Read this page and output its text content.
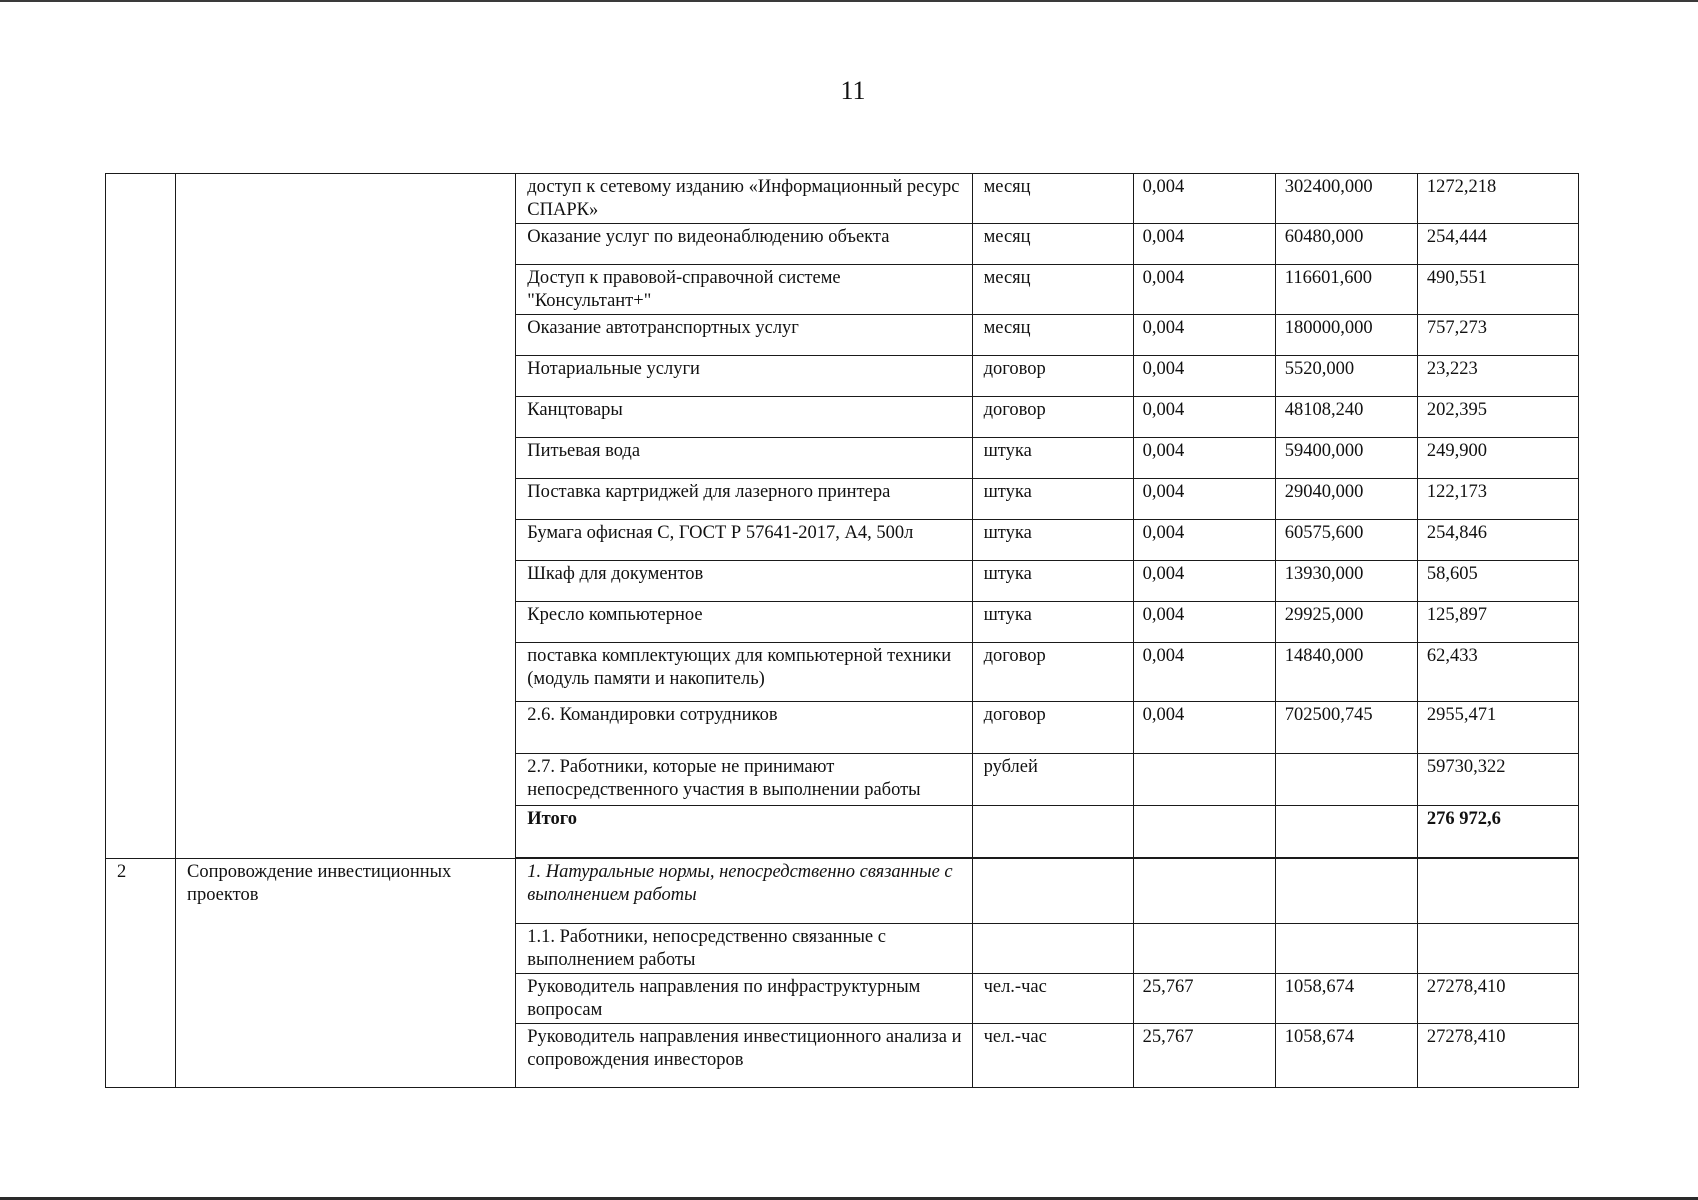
11
		доступ к сетевому изданию «Информационный ресурс СПАРК»	месяц	0,004	302400,000	1272,218
		Оказание услуг по видеонаблюдению объекта	месяц	0,004	60480,000	254,444
		Доступ к правовой-справочной системе "Консультант+"	месяц	0,004	116601,600	490,551
		Оказание автотранспортных услуг	месяц	0,004	180000,000	757,273
		Нотариальные услуги	договор	0,004	5520,000	23,223
		Канцтовары	договор	0,004	48108,240	202,395
		Питьевая вода	штука	0,004	59400,000	249,900
		Поставка картриджей для лазерного принтера	штука	0,004	29040,000	122,173
		Бумага офисная С, ГОСТ Р 57641-2017, А4, 500л	штука	0,004	60575,600	254,846
		Шкаф для документов	штука	0,004	13930,000	58,605
		Кресло компьютерное	штука	0,004	29925,000	125,897
		поставка комплектующих для компьютерной техники (модуль памяти и накопитель)	договор	0,004	14840,000	62,433
		2.6. Командировки сотрудников	договор	0,004	702500,745	2955,471
		2.7. Работники, которые не принимают непосредственного участия в выполнении работы	рублей			59730,322
		Итого				276 972,6

2	Сопровождение инвестиционных проектов	1. Натуральные нормы, непосредственно связанные с выполнением работы				
		1.1. Работники, непосредственно связанные с выполнением работы				
		Руководитель направления по инфраструктурным вопросам	чел.-час	25,767	1058,674	27278,410
		Руководитель направления инвестиционного анализа и сопровождения инвесторов	чел.-час	25,767	1058,674	27278,410
